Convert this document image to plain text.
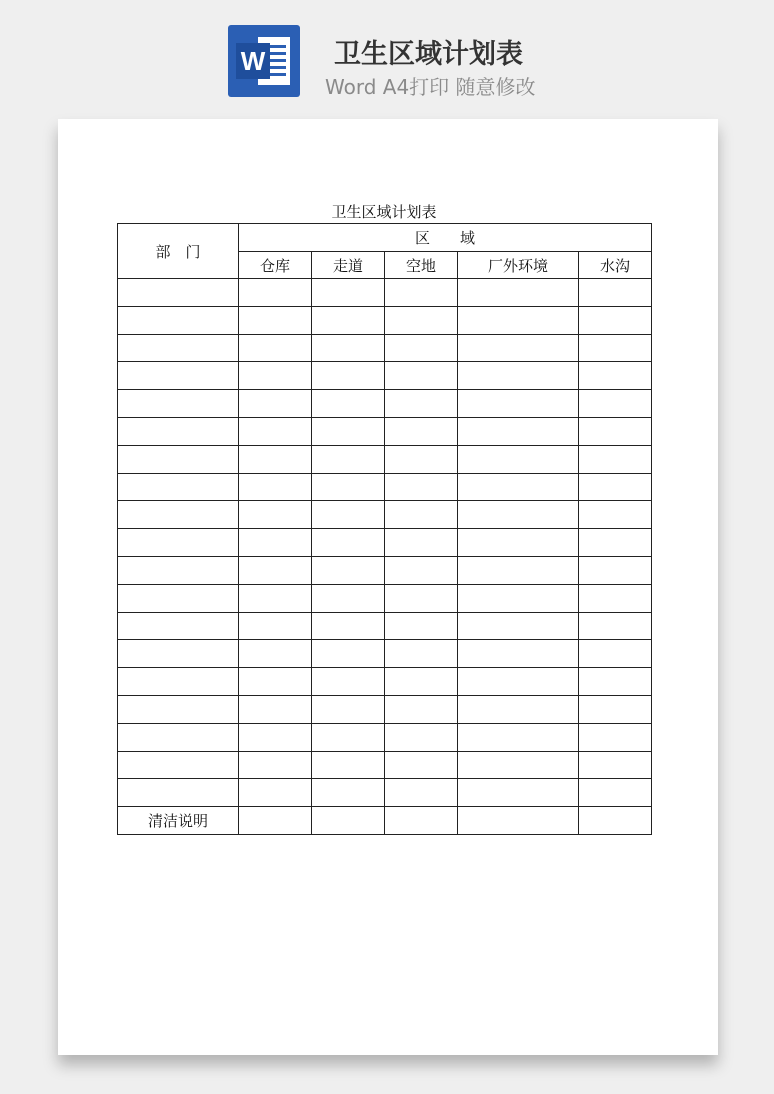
W	卫生区域计划表
Word A4打印 随意修改
卫生区域计划表
部　门	区　　域				
	仓库	走道	空地	厂外环境	水沟

清洁说明					
